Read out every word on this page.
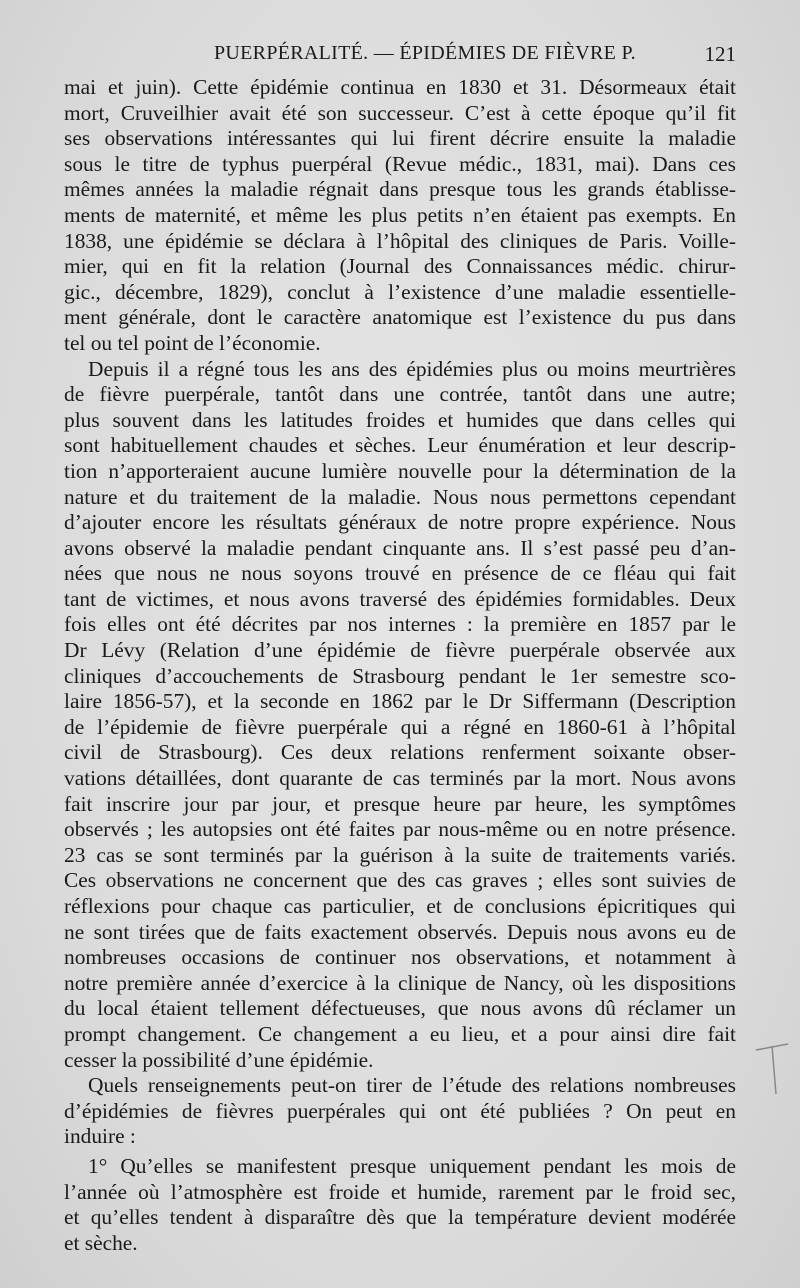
PUERPÉRALITÉ. — ÉPIDÉMIES DE FIÈVRE P.	121
mai et juin). Cette épidémie continua en 1830 et 31. Désormeaux était
mort, Cruveilhier avait été son successeur. C’est à cette époque qu’il fit
ses observations intéressantes qui lui firent décrire ensuite la maladie
sous le titre de typhus puerpéral (Revue médic., 1831, mai). Dans ces
mêmes années la maladie régnait dans presque tous les grands établisse-
ments de maternité, et même les plus petits n’en étaient pas exempts. En
1838, une épidémie se déclara à l’hôpital des cliniques de Paris. Voille-
mier, qui en fit la relation (Journal des Connaissances médic. chirur-
gic., décembre, 1829), conclut à l’existence d’une maladie essentielle-
ment générale, dont le caractère anatomique est l’existence du pus dans
tel ou tel point de l’économie.
Depuis il a régné tous les ans des épidémies plus ou moins meurtrières
de fièvre puerpérale, tantôt dans une contrée, tantôt dans une autre;
plus souvent dans les latitudes froides et humides que dans celles qui
sont habituellement chaudes et sèches. Leur énumération et leur descrip-
tion n’apporteraient aucune lumière nouvelle pour la détermination de la
nature et du traitement de la maladie. Nous nous permettons cependant
d’ajouter encore les résultats généraux de notre propre expérience. Nous
avons observé la maladie pendant cinquante ans. Il s’est passé peu d’an-
nées que nous ne nous soyons trouvé en présence de ce fléau qui fait
tant de victimes, et nous avons traversé des épidémies formidables. Deux
fois elles ont été décrites par nos internes : la première en 1857 par le
Dr Lévy (Relation d’une épidémie de fièvre puerpérale observée aux
cliniques d’accouchements de Strasbourg pendant le 1er semestre sco-
laire 1856-57), et la seconde en 1862 par le Dr Siffermann (Description
de l’épidemie de fièvre puerpérale qui a régné en 1860-61 à l’hôpital
civil de Strasbourg). Ces deux relations renferment soixante obser-
vations détaillées, dont quarante de cas terminés par la mort. Nous avons
fait inscrire jour par jour, et presque heure par heure, les symptômes
observés ; les autopsies ont été faites par nous-même ou en notre présence.
23 cas se sont terminés par la guérison à la suite de traitements variés.
Ces observations ne concernent que des cas graves ; elles sont suivies de
réflexions pour chaque cas particulier, et de conclusions épicritiques qui
ne sont tirées que de faits exactement observés. Depuis nous avons eu de
nombreuses occasions de continuer nos observations, et notamment à
notre première année d’exercice à la clinique de Nancy, où les dispositions
du local étaient tellement défectueuses, que nous avons dû réclamer un
prompt changement. Ce changement a eu lieu, et a pour ainsi dire fait
cesser la possibilité d’une épidémie.
Quels renseignements peut-on tirer de l’étude des relations nombreuses
d’épidémies de fièvres puerpérales qui ont été publiées ? On peut en
induire :
1° Qu’elles se manifestent presque uniquement pendant les mois de
l’année où l’atmosphère est froide et humide, rarement par le froid sec,
et qu’elles tendent à disparaître dès que la température devient modérée
et sèche.
